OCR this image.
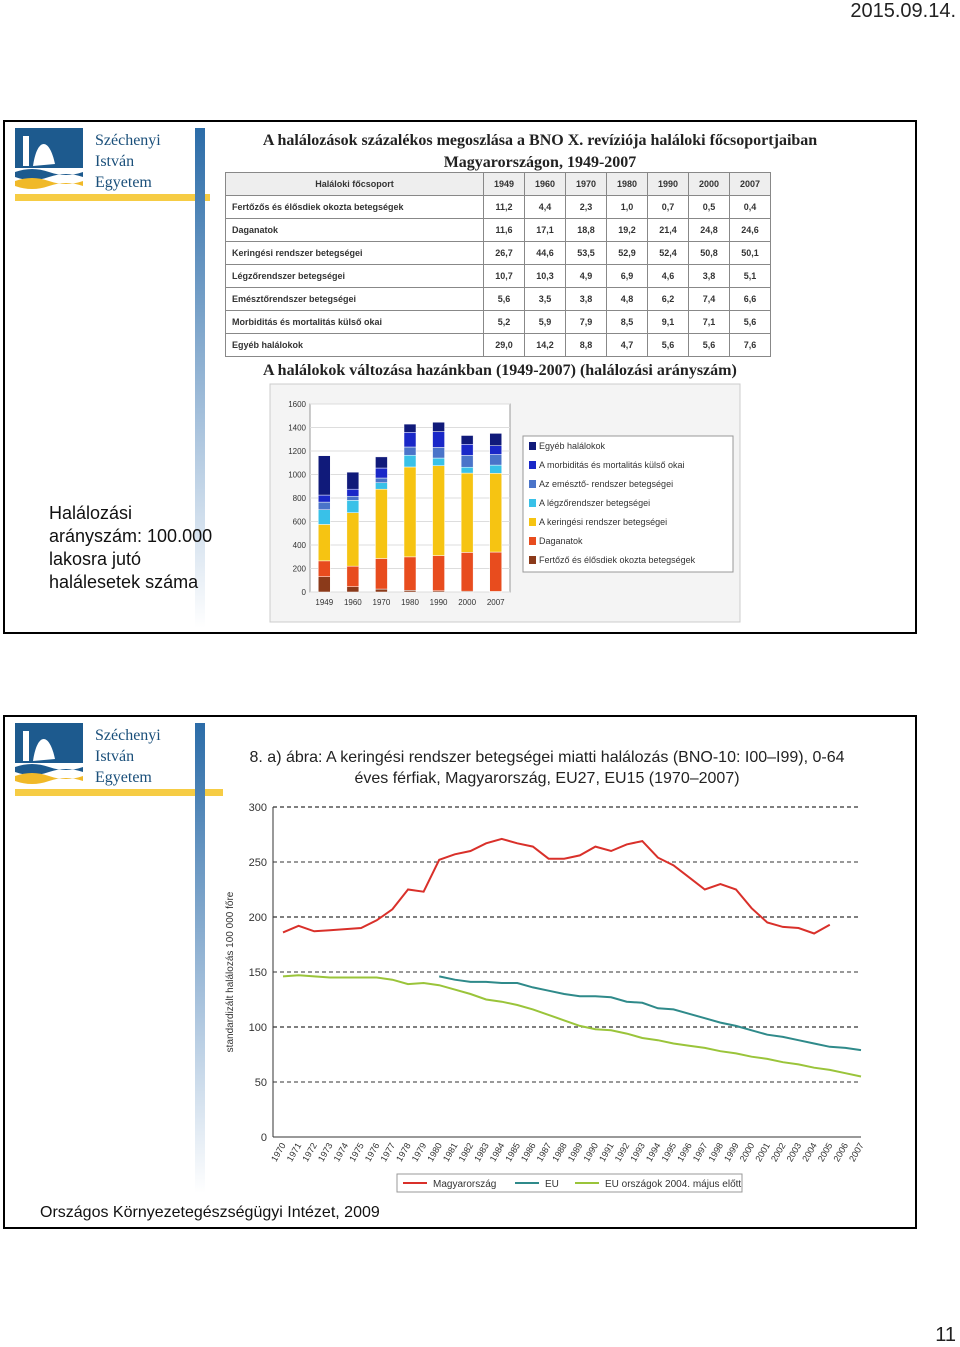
2015.09.14.
Széchenyi
István
Egyetem
A halálozások százalékos megoszlása a BNO X. revíziója haláloki főcsoportjaiban
Magyarországon, 1949-2007
Haláloki főcsoport	1949	1960	1970	1980	1990	2000	2007
Fertőzős és élősdiek okozta betegségek	11,2	4,4	2,3	1,0	0,7	0,5	0,4
Daganatok	11,6	17,1	18,8	19,2	21,4	24,8	24,6
Keringési rendszer betegségei	26,7	44,6	53,5	52,9	52,4	50,8	50,1
Légzőrendszer betegségei	10,7	10,3	4,9	6,9	4,6	3,8	5,1
Emésztőrendszer betegségei	5,6	3,5	3,8	4,8	6,2	7,4	6,6
Morbiditás és mortalitás külső okai	5,2	5,9	7,9	8,5	9,1	7,1	5,6
Egyéb halálokok	29,0	14,2	8,8	4,7	5,6	5,6	7,6
A halálokok változása hazánkban (1949-2007) (halálozási arányszám)
Halálozási arányszám: 100.000 lakosra jutó halálesetek száma
0
200
400
600
800
1000
1200
1400
1600
1949 1960 1970 1980 1990 2000 2007
Egyéb halálokok
A morbiditás és mortalitás külső okai
Az emésztő- rendszer betegségei
A légzőrendszer betegségei
A keringési rendszer betegségei
Daganatok
Fertőző és élősdiek okozta betegségek
Széchenyi
István
Egyetem
8. a) ábra: A keringési rendszer betegségei miatti halálozás (BNO-10: I00–I99), 0-64 éves férfiak, Magyarország, EU27, EU15 (1970–2007)
0
50
100
150
200
250
300
standardizált halálozás 100 000 főre
1970
1971
1972
1973
1974
1975
1976
1977
1978
1979
1980
1981
1982
1983
1984
1985
1986
1987
1988
1989
1990
1991
1992
1993
1994
1995
1996
1997
1998
1999
2000
2001
2002
2003
2004
2005
2006
2007
Magyarország	EU	EU országok 2004. május előtt
Országos Környezetegészségügyi Intézet, 2009
11
